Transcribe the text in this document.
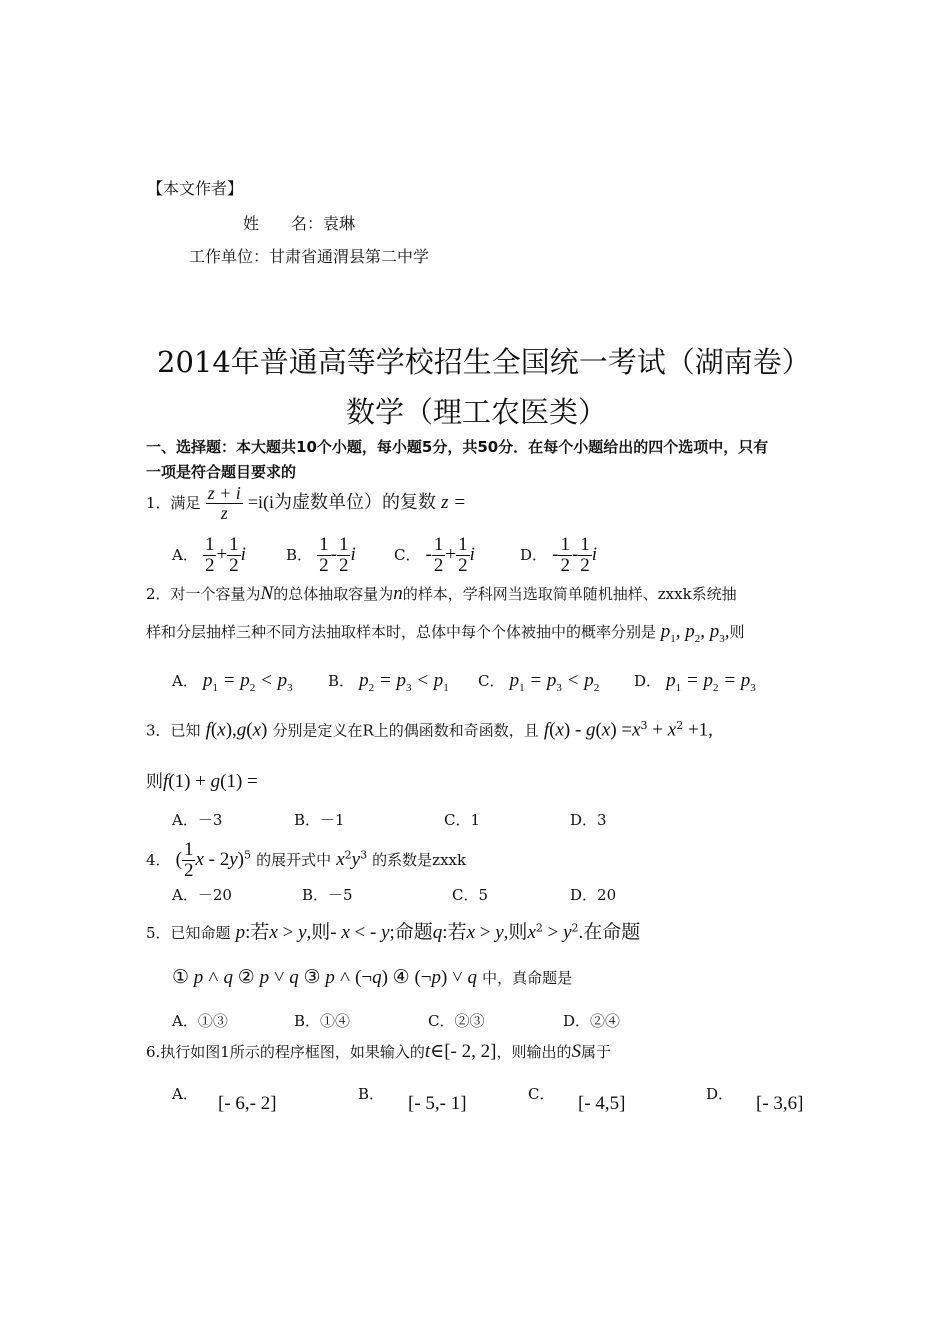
【本文作者】
姓　　名：袁琳
工作单位：甘肃省通渭县第二中学
2014年普通高等学校招生全国统一考试（湖南卷）
数学（理工农医类）
一、选择题：本大题共10个小题，每小题5分，共50分．在每个小题给出的四个选项中，只有
一项是符合题目要求的
1．满足 $\frac{z + i}{z} =i(i$为虚数单位）的复数 z =
A． $\frac{1}{2} + \frac{1}{2}$ i	B． $\frac{1}{2} - \frac{1}{2}$ i	C． - $\frac{1}{2} + \frac{1}{2}$ i	D． - $\frac{1}{2} - \frac{1}{2}$ i
2．对一个容量为N的总体抽取容量为n的样本，学科网当选取简单随机抽样、zxxk系统抽
样和分层抽样三种不同方法抽取样本时，总体中每个个体被抽中的概率分别是 $p_1$, $p_2$, $p_3$,则
A． $p_1 = p_2 < p_3$ B． $p_2 = p_3 < p_1$ C． $p_1 = p_3 < p_2$ D． $p_1 = p_2 = p_3$
3．已知 f(x),g(x) 分别是定义在R上的偶函数和奇函数，且 $f(x) - g(x) =x^3 + x^2 +1$,
则f(1) + g(1) =
A．－3	B．－1	C．1	D．3
4． ( $\frac{1}{2}$ x - 2y)$^5$ 的展开式中 $x^2y^3$ 的系数是zxxk
A．－20	B．－5	C．5	D．20
5．已知命题 p:若x > y,则- x < - y;命题q:若x > y,则$x^2 > y^2$.在命题
① p ˄ q ② p ˅ q ③ p ˄ (¬q) ④ (¬p) ˅ q 中，真命题是
A．①③	B．①④	C．②③	D．②④
6.执行如图1所示的程序框图，如果输入的t∈[- 2, 2]，则输出的S属于
A． [- 6,- 2]	B． [- 5,- 1]	C． [- 4,5]	D． [- 3,6]
